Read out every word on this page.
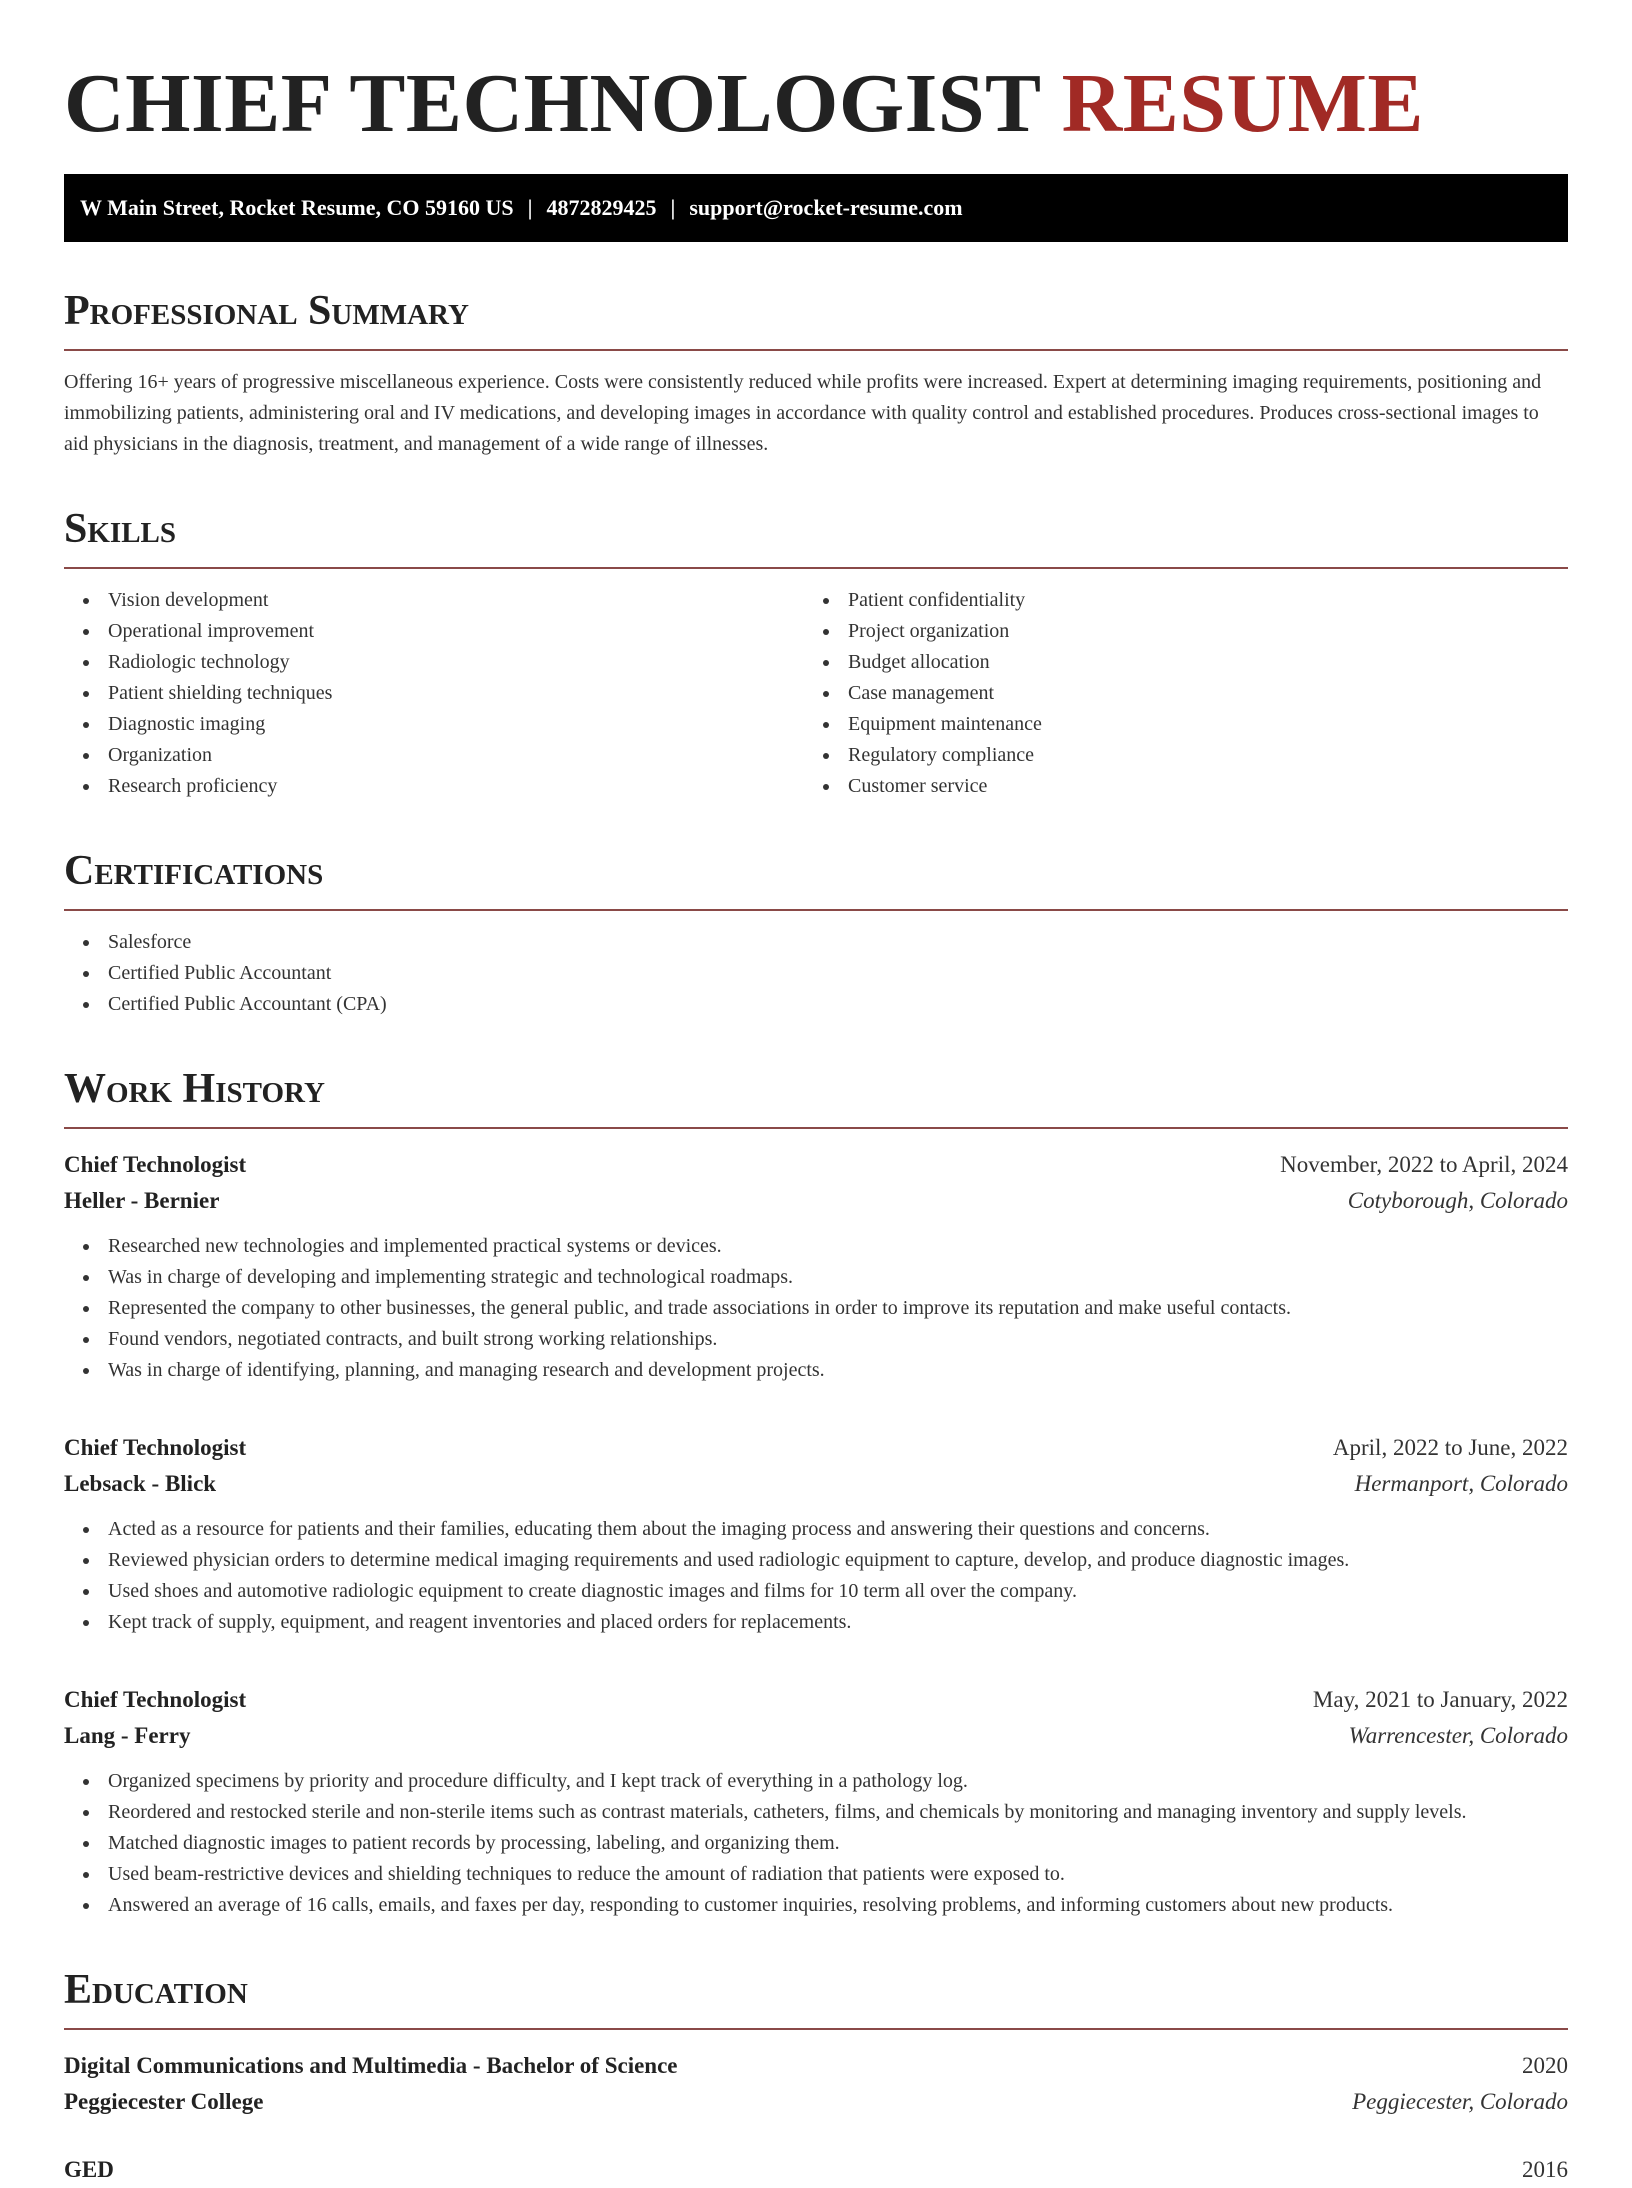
CHIEF TECHNOLOGIST RESUME
W Main Street, Rocket Resume, CO 59160 US | 4872829425 | support@rocket-resume.com
Professional Summary

Offering 16+ years of progressive miscellaneous experience. Costs were consistently reduced while profits were increased. Expert at determining imaging requirements, positioning and immobilizing patients, administering oral and IV medications, and developing images in accordance with quality control and established procedures. Produces cross-sectional images to aid physicians in the diagnosis, treatment, and management of a wide range of illnesses.

Skills
Vision development
Operational improvement
Radiologic technology
Patient shielding techniques
Diagnostic imaging
Organization
Research proficiency
Patient confidentiality
Project organization
Budget allocation
Case management
Equipment maintenance
Regulatory compliance
Customer service
Certifications
Salesforce
Certified Public Accountant
Certified Public Accountant (CPA)
Work History
Chief Technologist	November, 2022 to April, 2024
Heller - Bernier	Cotyborough, Colorado
Researched new technologies and implemented practical systems or devices.
Was in charge of developing and implementing strategic and technological roadmaps.
Represented the company to other businesses, the general public, and trade associations in order to improve its reputation and make useful contacts.
Found vendors, negotiated contracts, and built strong working relationships.
Was in charge of identifying, planning, and managing research and development projects.
Chief Technologist	April, 2022 to June, 2022
Lebsack - Blick	Hermanport, Colorado
Acted as a resource for patients and their families, educating them about the imaging process and answering their questions and concerns.
Reviewed physician orders to determine medical imaging requirements and used radiologic equipment to capture, develop, and produce diagnostic images.
Used shoes and automotive radiologic equipment to create diagnostic images and films for 10 term all over the company.
Kept track of supply, equipment, and reagent inventories and placed orders for replacements.
Chief Technologist	May, 2021 to January, 2022
Lang - Ferry	Warrencester, Colorado
Organized specimens by priority and procedure difficulty, and I kept track of everything in a pathology log.
Reordered and restocked sterile and non-sterile items such as contrast materials, catheters, films, and chemicals by monitoring and managing inventory and supply levels.
Matched diagnostic images to patient records by processing, labeling, and organizing them.
Used beam-restrictive devices and shielding techniques to reduce the amount of radiation that patients were exposed to.
Answered an average of 16 calls, emails, and faxes per day, responding to customer inquiries, resolving problems, and informing customers about new products.
Education
Digital Communications and Multimedia - Bachelor of Science	2020
Peggiecester College	Peggiecester, Colorado
GED	2016
